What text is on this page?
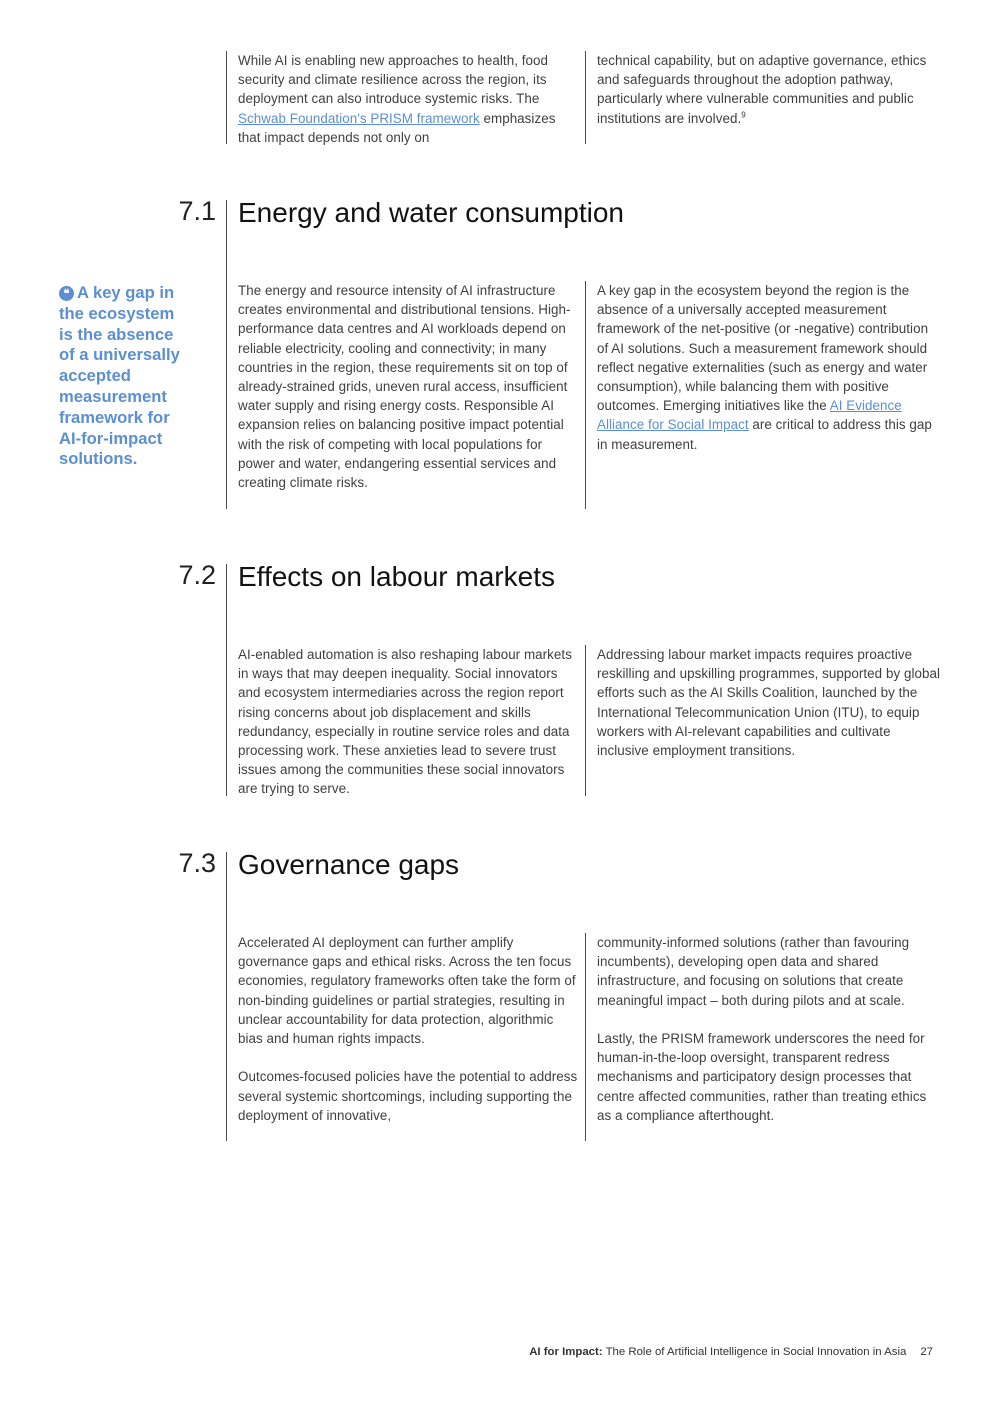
While AI is enabling new approaches to health, food security and climate resilience across the region, its deployment can also introduce systemic risks. The Schwab Foundation's PRISM framework emphasizes that impact depends not only on

technical capability, but on adaptive governance, ethics and safeguards throughout the adoption pathway, particularly where vulnerable communities and public institutions are involved.$^9$

7.1 Energy and water consumption
❝ A key gap in the ecosystem is the absence of a universally accepted measurement framework for AI-for-impact solutions.

The energy and resource intensity of AI infrastructure creates environmental and distributional tensions. High-performance data centres and AI workloads depend on reliable electricity, cooling and connectivity; in many countries in the region, these requirements sit on top of already-strained grids, uneven rural access, insufficient water supply and rising energy costs. Responsible AI expansion relies on balancing positive impact potential with the risk of competing with local populations for power and water, endangering essential services and creating climate risks.

A key gap in the ecosystem beyond the region is the absence of a universally accepted measurement framework of the net-positive (or -negative) contribution of AI solutions. Such a measurement framework should reflect negative externalities (such as energy and water consumption), while balancing them with positive outcomes. Emerging initiatives like the AI Evidence Alliance for Social Impact are critical to address this gap in measurement.

7.2 Effects on labour markets

AI-enabled automation is also reshaping labour markets in ways that may deepen inequality. Social innovators and ecosystem intermediaries across the region report rising concerns about job displacement and skills redundancy, especially in routine service roles and data processing work. These anxieties lead to severe trust issues among the communities these social innovators are trying to serve.

Addressing labour market impacts requires proactive reskilling and upskilling programmes, supported by global efforts such as the AI Skills Coalition, launched by the International Telecommunication Union (ITU), to equip workers with AI-relevant capabilities and cultivate inclusive employment transitions.

7.3 Governance gaps

Accelerated AI deployment can further amplify governance gaps and ethical risks. Across the ten focus economies, regulatory frameworks often take the form of non-binding guidelines or partial strategies, resulting in unclear accountability for data protection, algorithmic bias and human rights impacts.

Outcomes-focused policies have the potential to address several systemic shortcomings, including supporting the deployment of innovative,

community-informed solutions (rather than favouring incumbents), developing open data and shared infrastructure, and focusing on solutions that create meaningful impact – both during pilots and at scale.

Lastly, the PRISM framework underscores the need for human-in-the-loop oversight, transparent redress mechanisms and participatory design processes that centre affected communities, rather than treating ethics as a compliance afterthought.

AI for Impact: The Role of Artificial Intelligence in Social Innovation in Asia 27
